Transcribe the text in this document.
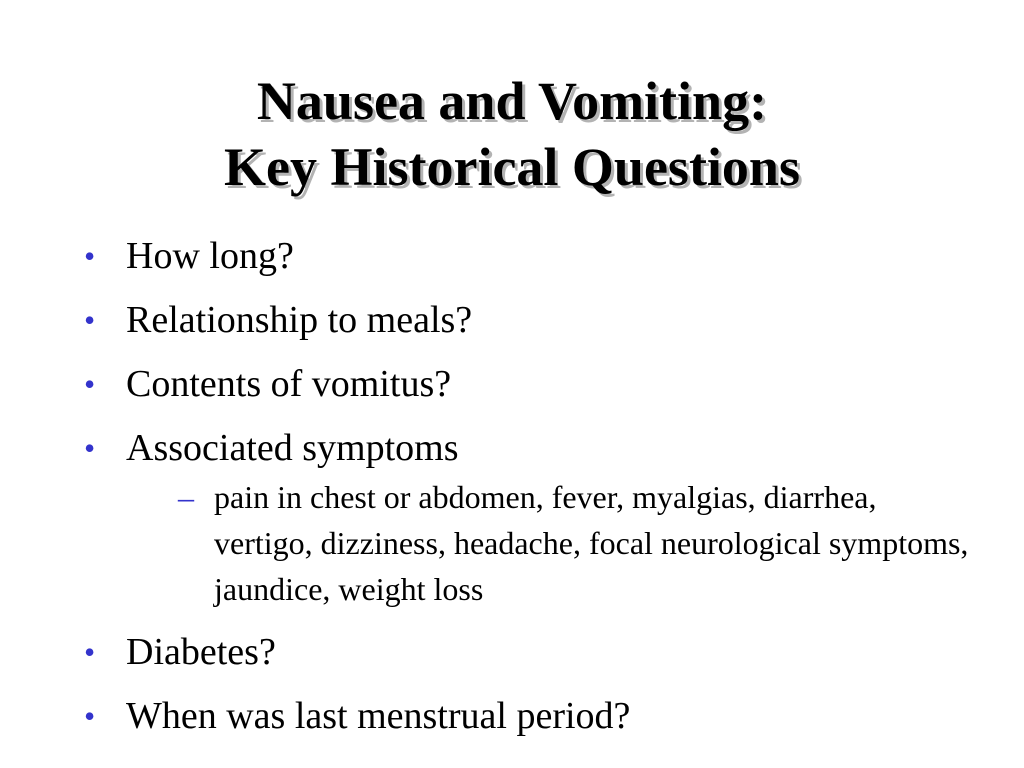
Nausea and Vomiting:
Key Historical Questions
• How long?
• Relationship to meals?
• Contents of vomitus?
• Associated symptoms
– pain in chest or abdomen, fever, myalgias, diarrhea, vertigo, dizziness, headache, focal neurological symptoms, jaundice, weight loss
• Diabetes?
• When was last menstrual period?
